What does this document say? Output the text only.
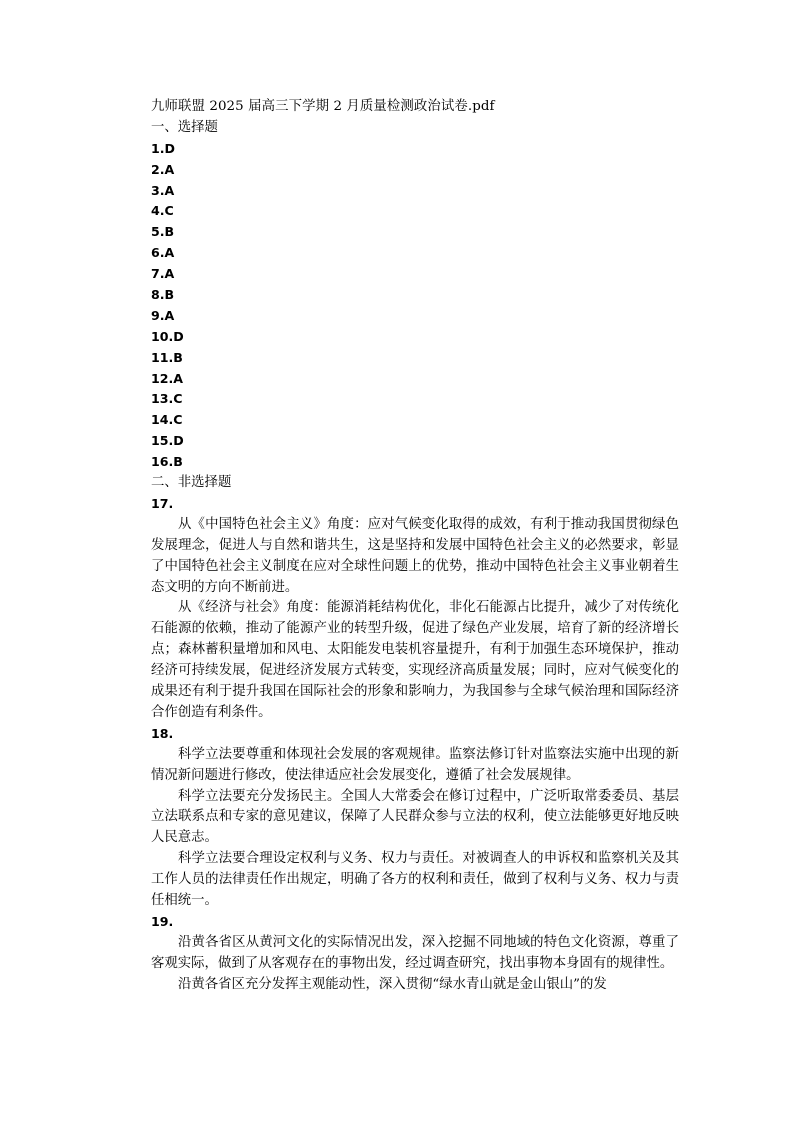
九师联盟 2025 届高三下学期 2 月质量检测政治试卷.pdf
一、选择题
1.D
2.A
3.A
4.C
5.B
6.A
7.A
8.B
9.A
10.D
11.B
12.A
13.C
14.C
15.D
16.B
二、非选择题
17.

从《中国特色社会主义》角度：应对气候变化取得的成效，有利于推动我国贯彻绿色发展理念，促进人与自然和谐共生，这是坚持和发展中国特色社会主义的必然要求，彰显了中国特色社会主义制度在应对全球性问题上的优势，推动中国特色社会主义事业朝着生态文明的方向不断前进。

从《经济与社会》角度：能源消耗结构优化，非化石能源占比提升，减少了对传统化石能源的依赖，推动了能源产业的转型升级，促进了绿色产业发展，培育了新的经济增长点；森林蓄积量增加和风电、太阳能发电装机容量提升，有利于加强生态环境保护，推动经济可持续发展，促进经济发展方式转变，实现经济高质量发展；同时，应对气候变化的成果还有利于提升我国在国际社会的形象和影响力，为我国参与全球气候治理和国际经济合作创造有利条件。

18.

科学立法要尊重和体现社会发展的客观规律。监察法修订针对监察法实施中出现的新情况新问题进行修改，使法律适应社会发展变化，遵循了社会发展规律。

科学立法要充分发扬民主。全国人大常委会在修订过程中，广泛听取常委委员、基层立法联系点和专家的意见建议，保障了人民群众参与立法的权利，使立法能够更好地反映人民意志。

科学立法要合理设定权利与义务、权力与责任。对被调查人的申诉权和监察机关及其工作人员的法律责任作出规定，明确了各方的权利和责任，做到了权利与义务、权力与责任相统一。

19.

沿黄各省区从黄河文化的实际情况出发，深入挖掘不同地域的特色文化资源，尊重了客观实际，做到了从客观存在的事物出发，经过调查研究，找出事物本身固有的规律性。

沿黄各省区充分发挥主观能动性，深入贯彻“绿水青山就是金山银山”的发
